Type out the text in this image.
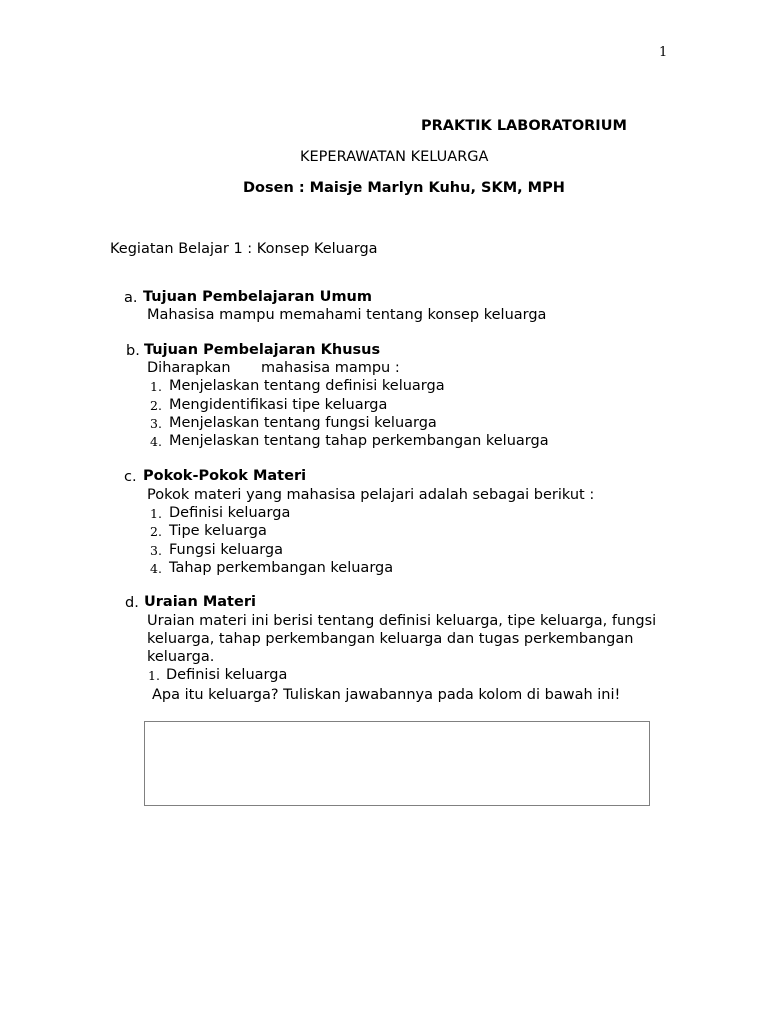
1
PRAKTIK LABORATORIUM
KEPERAWATAN KELUARGA
Dosen : Maisje Marlyn Kuhu, SKM, MPH
Kegiatan Belajar 1 : Konsep Keluarga
a. Tujuan Pembelajaran Umum
Mahasisa mampu memahami tentang konsep keluarga
b. Tujuan Pembelajaran Khusus
Diharapkan mahasisa mampu :
1. Menjelaskan tentang definisi keluarga
2. Mengidentifikasi tipe keluarga
3. Menjelaskan tentang fungsi keluarga
4. Menjelaskan tentang tahap perkembangan keluarga
c. Pokok-Pokok Materi
Pokok materi yang mahasisa pelajari adalah sebagai berikut :
1. Definisi keluarga
2. Tipe keluarga
3. Fungsi keluarga
4. Tahap perkembangan keluarga
d. Uraian Materi
Uraian materi ini berisi tentang definisi keluarga, tipe keluarga, fungsi
keluarga, tahap perkembangan keluarga dan tugas perkembangan
keluarga.
1. Definisi keluarga
Apa itu keluarga? Tuliskan jawabannya pada kolom di bawah ini!
